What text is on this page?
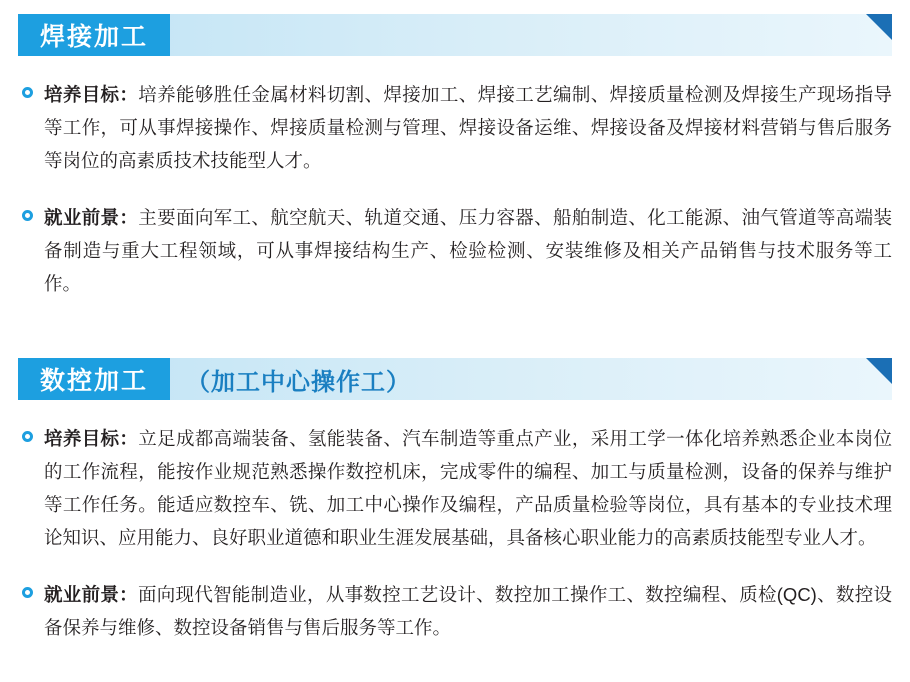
焊接加工
培养目标：培养能够胜任金属材料切割、焊接加工、焊接工艺编制、焊接质量检测及焊接生产现场指导等工作，可从事焊接操作、焊接质量检测与管理、焊接设备运维、焊接设备及焊接材料营销与售后服务等岗位的高素质技术技能型人才。
就业前景：主要面向军工、航空航天、轨道交通、压力容器、船舶制造、化工能源、油气管道等高端装备制造与重大工程领域，可从事焊接结构生产、检验检测、安装维修及相关产品销售与技术服务等工作。
数控加工	（加工中心操作工）
培养目标：立足成都高端装备、氢能装备、汽车制造等重点产业，采用工学一体化培养熟悉企业本岗位的工作流程，能按作业规范熟悉操作数控机床，完成零件的编程、加工与质量检测，设备的保养与维护等工作任务。能适应数控车、铣、加工中心操作及编程，产品质量检验等岗位，具有基本的专业技术理论知识、应用能力、良好职业道德和职业生涯发展基础，具备核心职业能力的高素质技能型专业人才。
就业前景：面向现代智能制造业，从事数控工艺设计、数控加工操作工、数控编程、质检(QC)、数控设备保养与维修、数控设备销售与售后服务等工作。
